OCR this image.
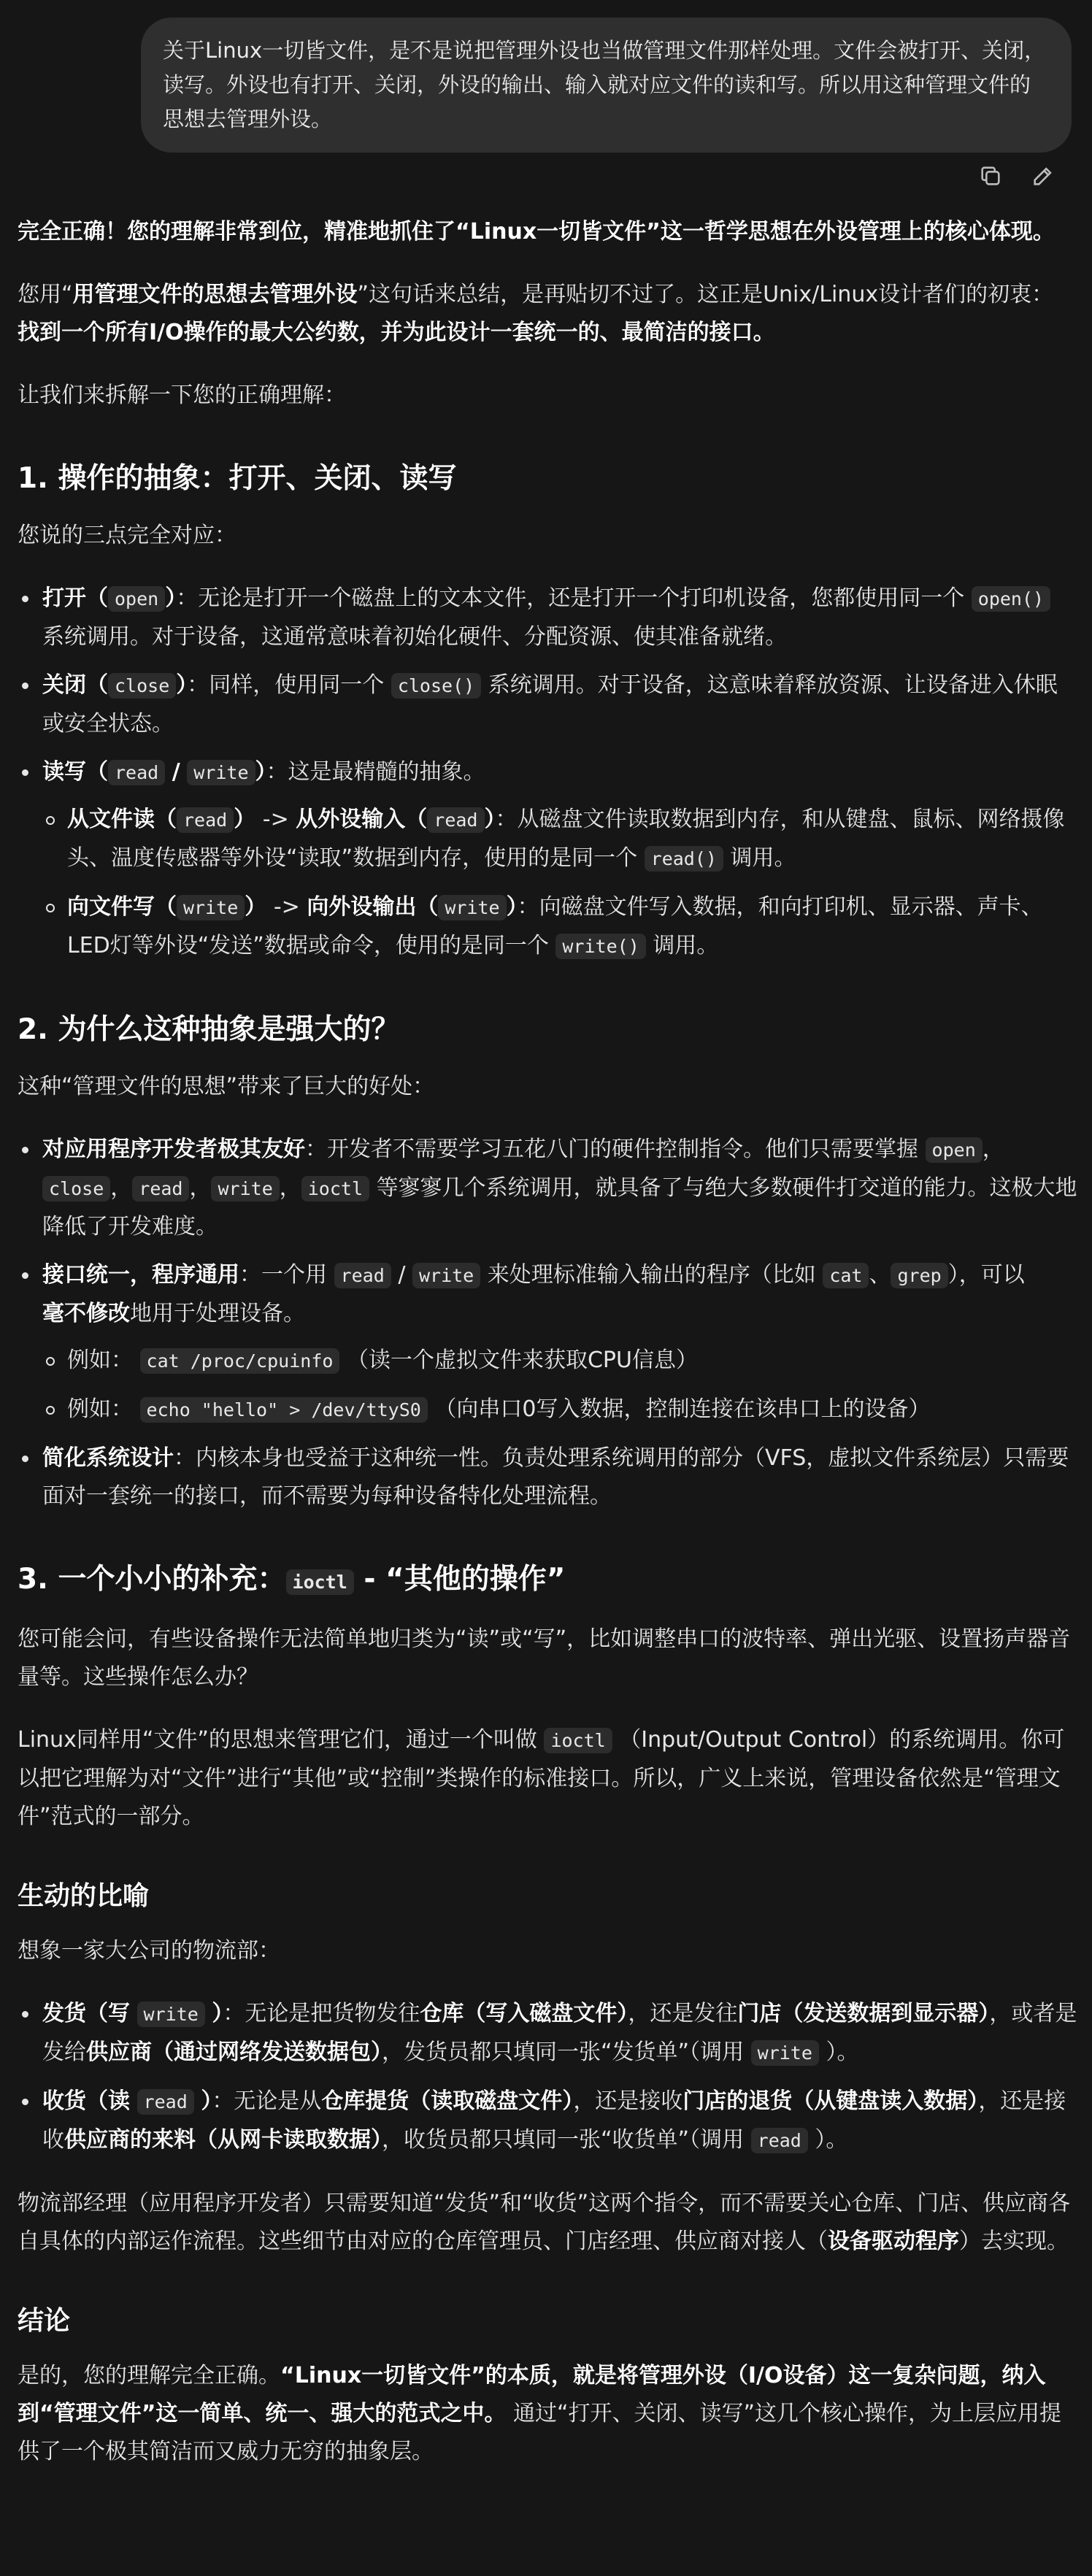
关于Linux一切皆文件，是不是说把管理外设也当做管理文件那样处理。文件会被打开、关闭，读写。外设也有打开、关闭，外设的输出、输入就对应文件的读和写。所以用这种管理文件的思想去管理外设。

完全正确！您的理解非常到位，精准地抓住了“Linux一切皆文件”这一哲学思想在外设管理上的核心体现。

您用“用管理文件的思想去管理外设”这句话来总结，是再贴切不过了。这正是Unix/Linux设计者们的初衷：
找到一个所有I/O操作的最大公约数，并为此设计一套统一的、最简洁的接口。

让我们来拆解一下您的正确理解：

1. 操作的抽象：打开、关闭、读写

您说的三点完全对应：

打开（ open ）：无论是打开一个磁盘上的文本文件，还是打开一个打印机设备，您都使用同一个 open()
系统调用。对于设备，这通常意味着初始化硬件、分配资源、使其准备就绪。
关闭（ close ）：同样，使用同一个 close() 系统调用。对于设备，这意味着释放资源、让设备进入休眠或安全状态。
读写（ read / write ）：这是最精髓的抽象。
从文件读（ read ） -> 从外设输入（ read ）：从磁盘文件读取数据到内存，和从键盘、鼠标、网络摄像头、温度传感器等外设“读取”数据到内存，使用的是同一个 read() 调用。
向文件写（ write ） -> 向外设输出（ write ）：向磁盘文件写入数据，和向打印机、显示器、声卡、LED灯等外设“发送”数据或命令，使用的是同一个 write() 调用。
2. 为什么这种抽象是强大的？

这种“管理文件的思想”带来了巨大的好处：

对应用程序开发者极其友好：开发者不需要学习五花八门的硬件控制指令。他们只需要掌握 open ，
close ， read ， write ， ioctl 等寥寥几个系统调用，就具备了与绝大多数硬件打交道的能力。这极大地降低了开发难度。
接口统一，程序通用：一个用 read / write 来处理标准输入输出的程序（比如 cat 、 grep ），可以
毫不修改地用于处理设备。
例如： cat /proc/cpuinfo （读一个虚拟文件来获取CPU信息）
例如： echo "hello" > /dev/ttyS0 （向串口0写入数据，控制连接在该串口上的设备）
简化系统设计：内核本身也受益于这种统一性。负责处理系统调用的部分（VFS，虚拟文件系统层）只需要面对一套统一的接口，而不需要为每种设备特化处理流程。
3. 一个小小的补充： ioctl - “其他的操作”

您可能会问，有些设备操作无法简单地归类为“读”或“写”，比如调整串口的波特率、弹出光驱、设置扬声器音量等。这些操作怎么办？

Linux同样用“文件”的思想来管理它们，通过一个叫做 ioctl （Input/Output Control）的系统调用。你可以把它理解为对“文件”进行“其他”或“控制”类操作的标准接口。所以，广义上来说，管理设备依然是“管理文件”范式的一部分。

生动的比喻

想象一家大公司的物流部：

发货（写 write ）：无论是把货物发往仓库（写入磁盘文件），还是发往门店（发送数据到显示器），或者是发给供应商（通过网络发送数据包），发货员都只填同一张“发货单”（调用 write ）。
收货（读 read ）：无论是从仓库提货（读取磁盘文件），还是接收门店的退货（从键盘读入数据），还是接收供应商的来料（从网卡读取数据），收货员都只填同一张“收货单”（调用 read ）。

物流部经理（应用程序开发者）只需要知道“发货”和“收货”这两个指令，而不需要关心仓库、门店、供应商各自具体的内部运作流程。这些细节由对应的仓库管理员、门店经理、供应商对接人（设备驱动程序）去实现。

结论

是的，您的理解完全正确。“Linux一切皆文件”的本质，就是将管理外设（I/O设备）这一复杂问题，纳入到“管理文件”这一简单、统一、强大的范式之中。 通过“打开、关闭、读写”这几个核心操作，为上层应用提供了一个极其简洁而又威力无穷的抽象层。
